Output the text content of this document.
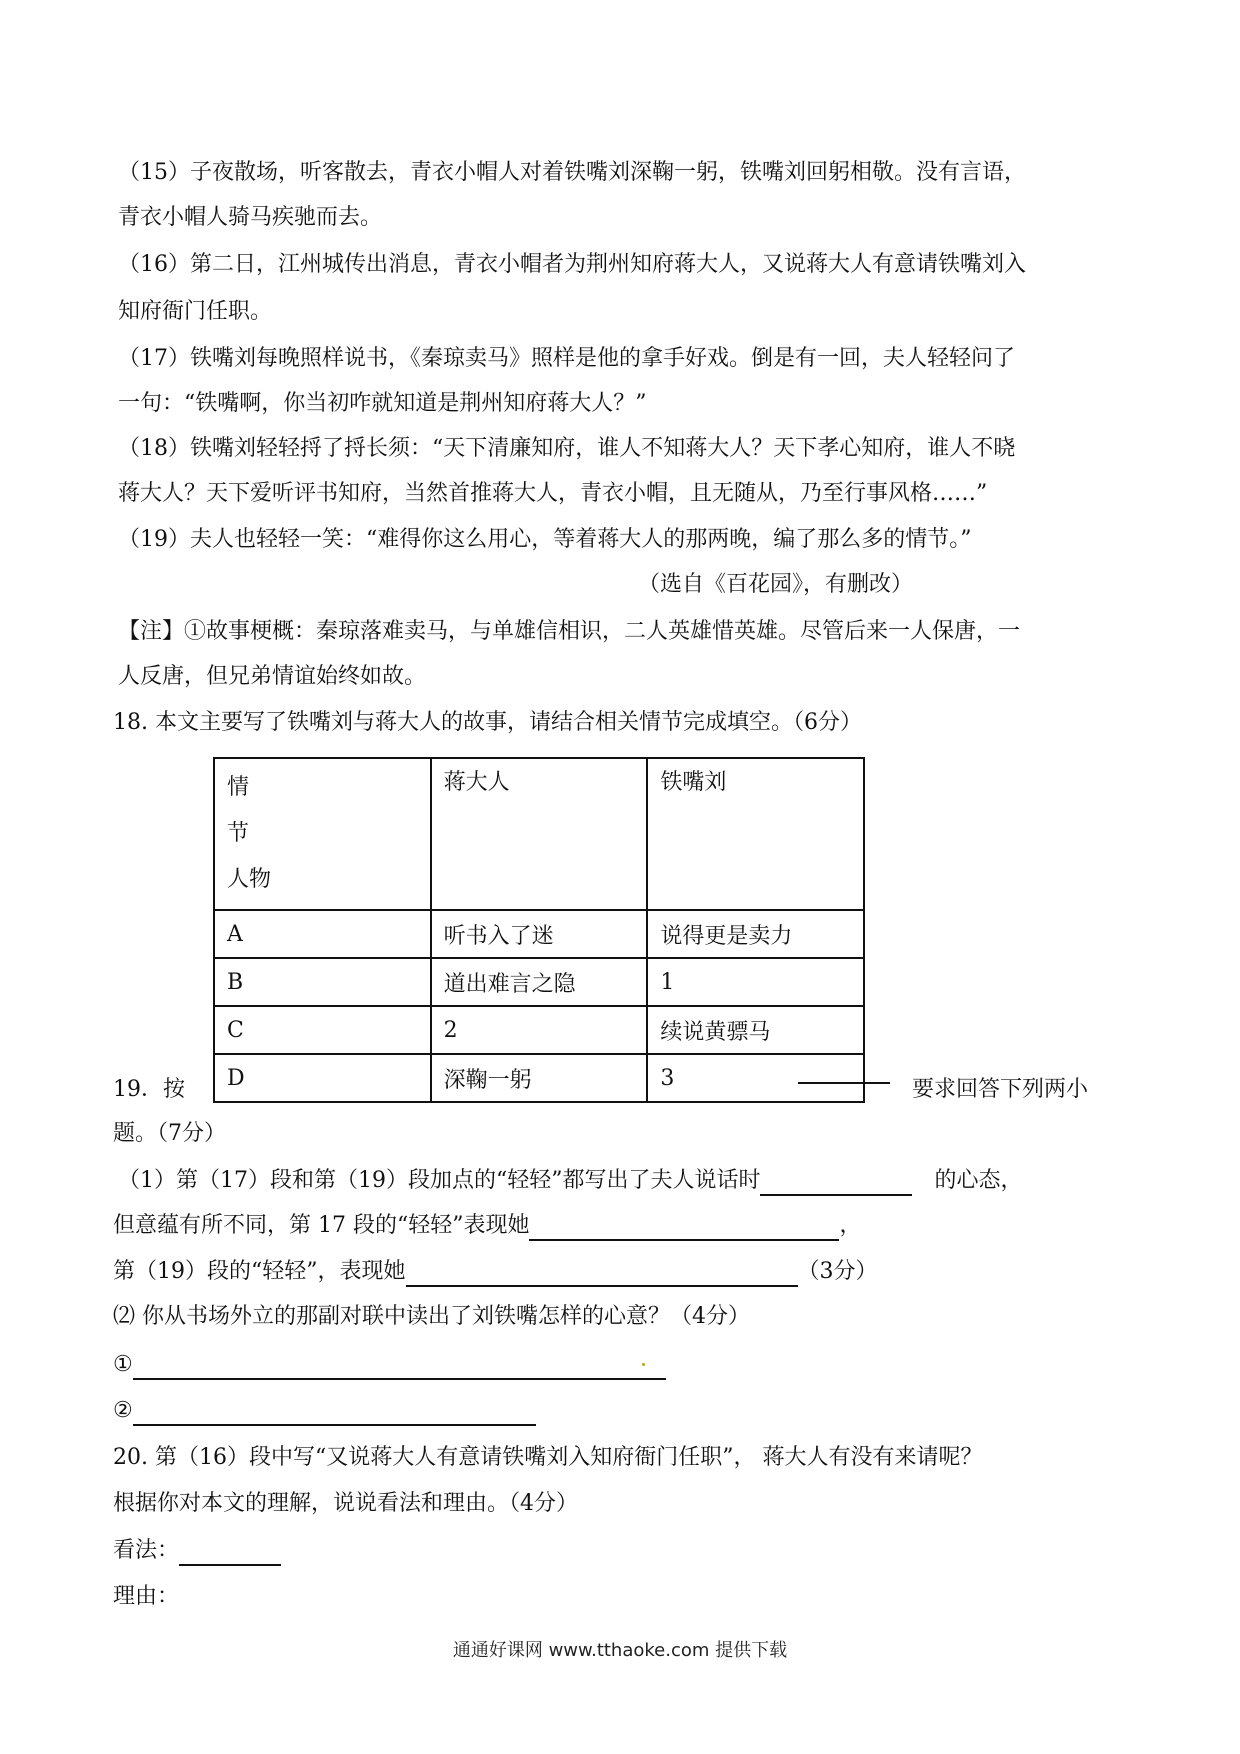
（15）子夜散场，听客散去，青衣小帽人对着铁嘴刘深鞠一躬，铁嘴刘回躬相敬。没有言语，
青衣小帽人骑马疾驰而去。
（16）第二日，江州城传出消息，青衣小帽者为荆州知府蒋大人，又说蒋大人有意请铁嘴刘入
知府衙门任职。
（17）铁嘴刘每晚照样说书，《秦琼卖马》照样是他的拿手好戏。倒是有一回，夫人轻轻问了
一句：“铁嘴啊，你当初咋就知道是荆州知府蒋大人？”
（18）铁嘴刘轻轻捋了捋长须：“天下清廉知府，谁人不知蒋大人？天下孝心知府，谁人不晓
蒋大人？天下爱听评书知府，当然首推蒋大人，青衣小帽，且无随从，乃至行事风格……”
（19）夫人也轻轻一笑：“难得你这么用心，等着蒋大人的那两晚，编了那么多的情节。”
（选自《百花园》，有删改）
【注】①故事梗概：秦琼落难卖马，与单雄信相识，二人英雄惜英雄。尽管后来一人保唐，一
人反唐，但兄弟情谊始终如故。
18. 本文主要写了铁嘴刘与蒋大人的故事，请结合相关情节完成填空。（6分）
情
节
人物	蒋大人	铁嘴刘
A	听书入了迷	说得更是卖力
B	道出难言之隐	1
C	2	续说黄骠马
D	深鞠一躬	3
19．按	要求回答下列两小
题。（7分）
（1）第（17）段和第（19）段加点的“轻轻”都写出了夫人说话时	的心态，
但意蕴有所不同，第 17 段的“轻轻”表现她	，
第（19）段的“轻轻”，表现她	（3分）
⑵ 你从书场外立的那副对联中读出了刘铁嘴怎样的心意？（4分）
①
②
20. 第（16）段中写“又说蒋大人有意请铁嘴刘入知府衙门任职”， 蒋大人有没有来请呢？
根据你对本文的理解，说说看法和理由。（4分）
看法：
理由：
通通好课网 www.tthaoke.com 提供下载
